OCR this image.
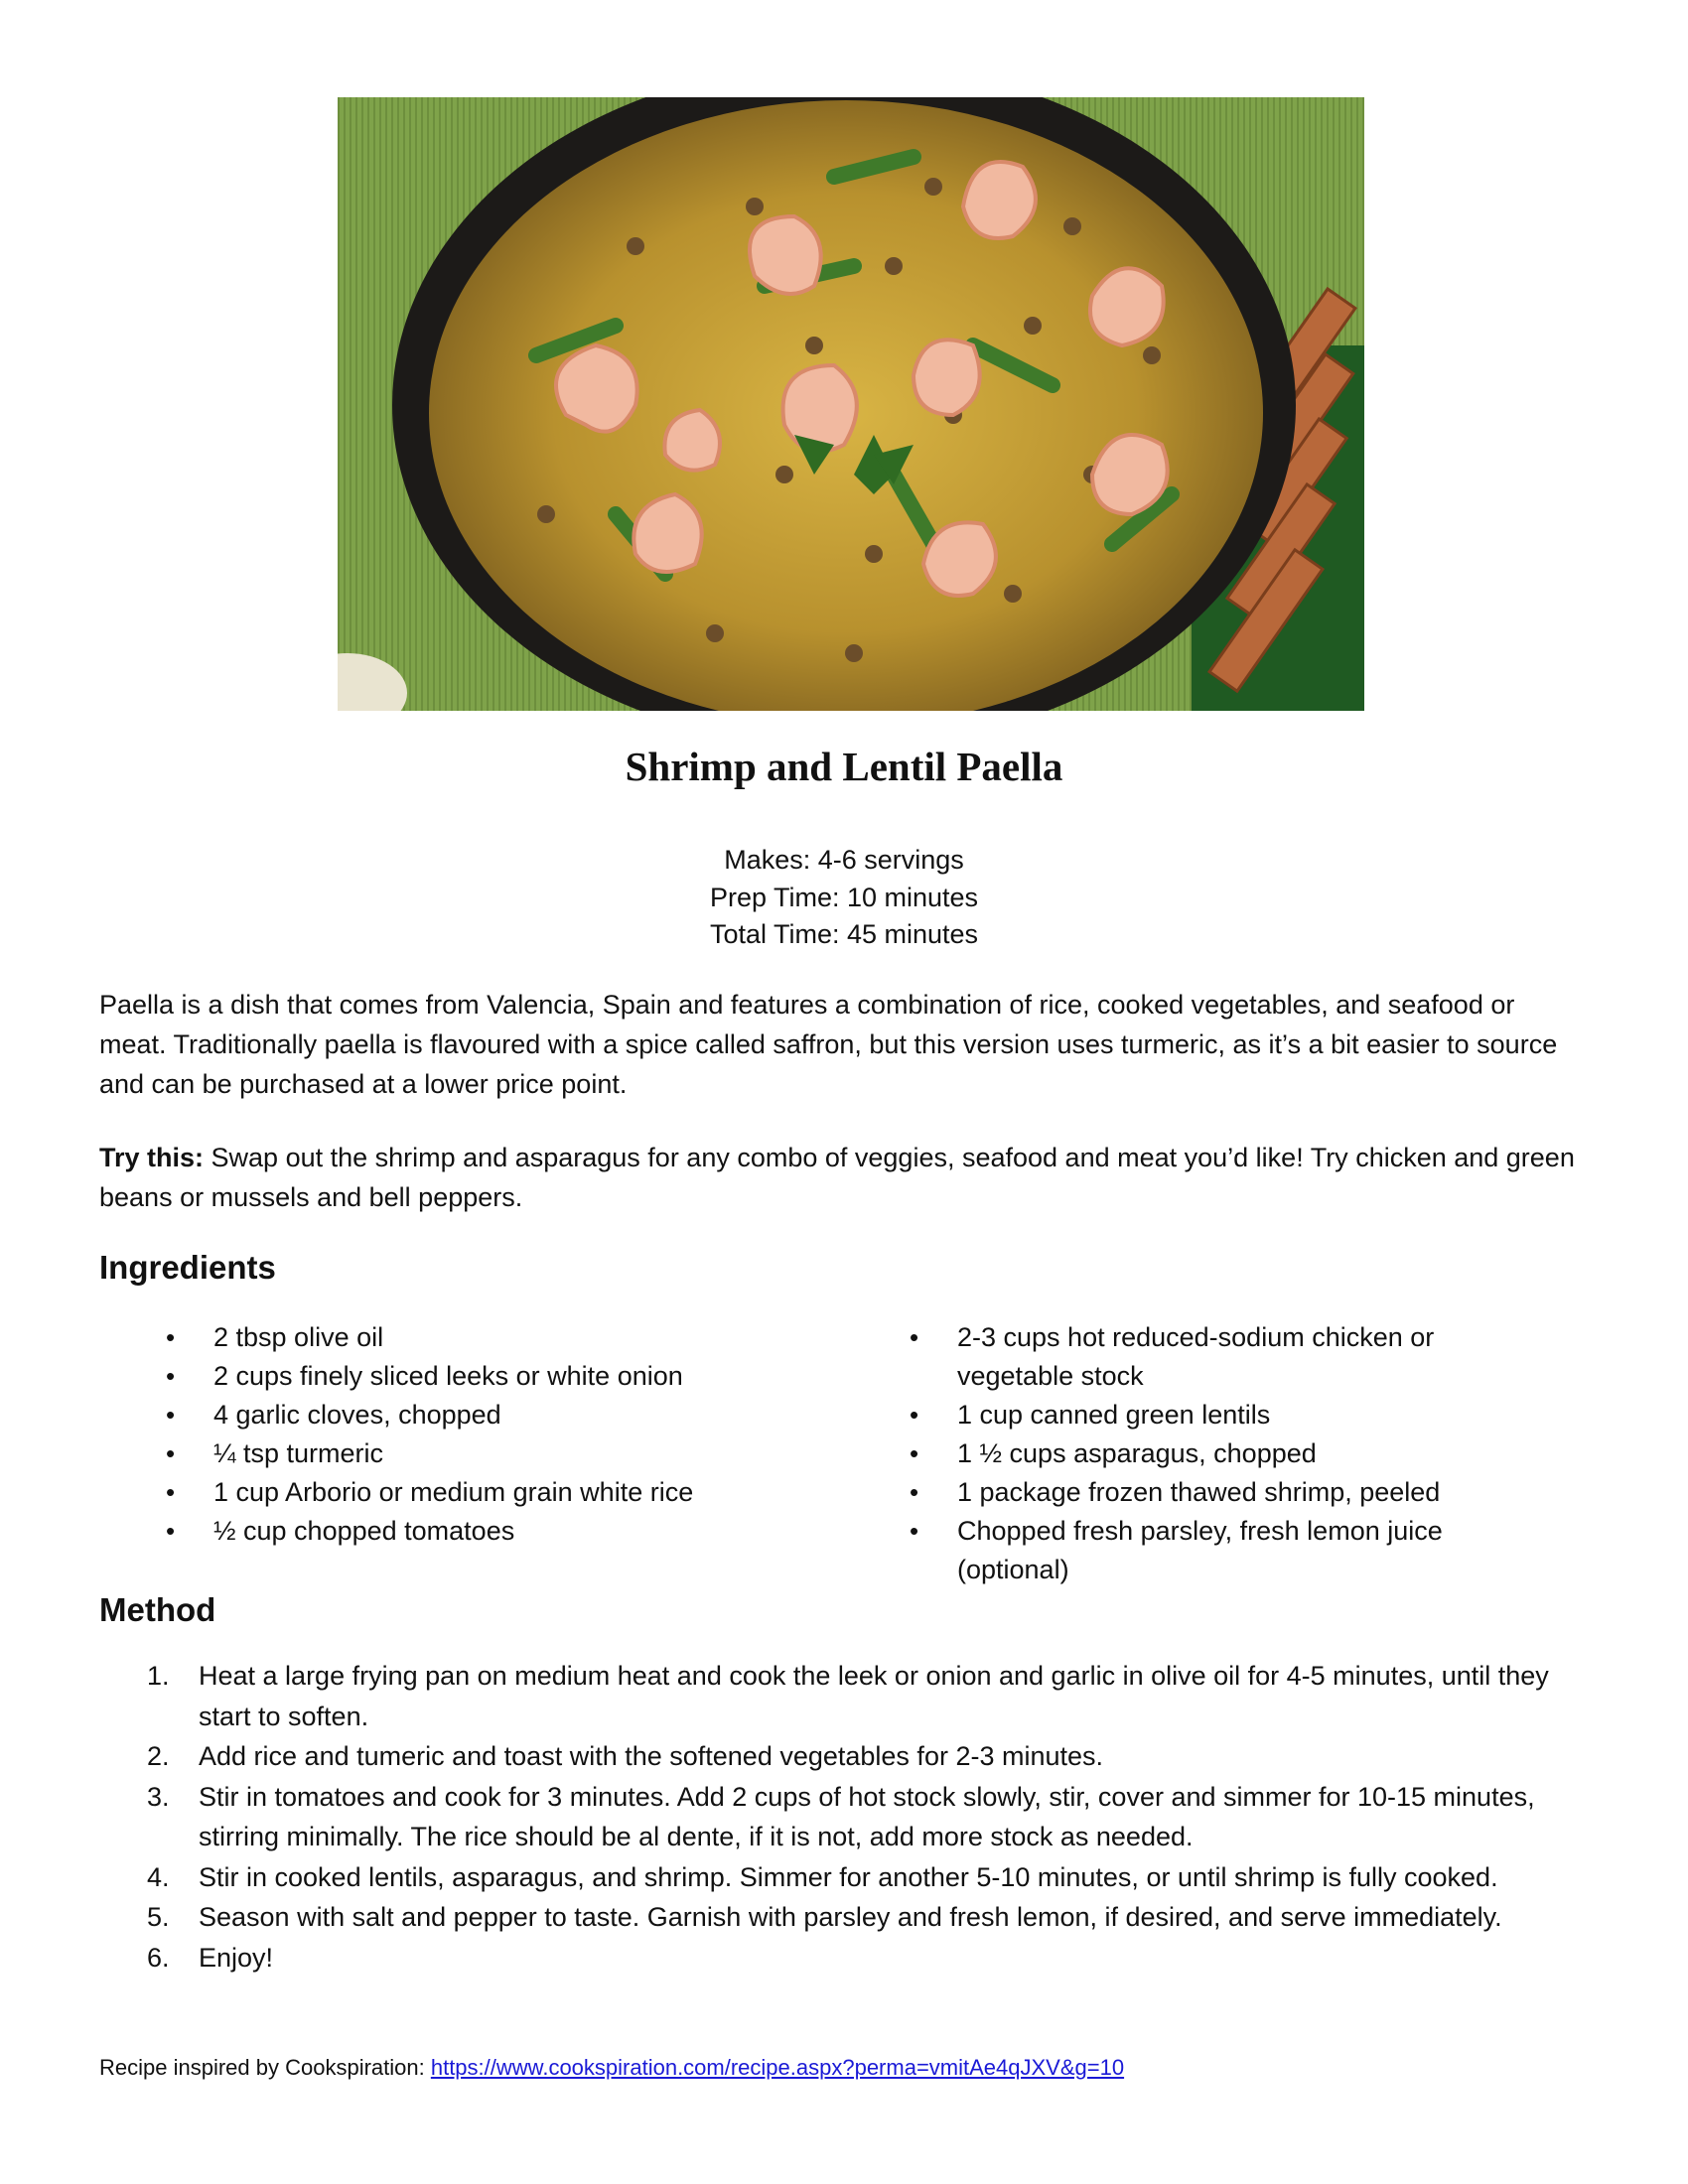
Shrimp and Lentil Paella
Makes: 4-6 servings
Prep Time: 10 minutes
Total Time: 45 minutes
Paella is a dish that comes from Valencia, Spain and features a combination of rice, cooked vegetables, and seafood or meat. Traditionally paella is flavoured with a spice called saffron, but this version uses turmeric, as it’s a bit easier to source and can be purchased at a lower price point.
Try this: Swap out the shrimp and asparagus for any combo of veggies, seafood and meat you’d like! Try chicken and green beans or mussels and bell peppers.
Ingredients
• 2 tbsp olive oil
• 2 cups finely sliced leeks or white onion
• 4 garlic cloves, chopped
• ¼ tsp turmeric
• 1 cup Arborio or medium grain white rice
• ½ cup chopped tomatoes
• 2-3 cups hot reduced-sodium chicken or vegetable stock
• 1 cup canned green lentils
• 1 ½ cups asparagus, chopped
• 1 package frozen thawed shrimp, peeled
• Chopped fresh parsley, fresh lemon juice (optional)
Method
1. Heat a large frying pan on medium heat and cook the leek or onion and garlic in olive oil for 4-5 minutes, until they start to soften.
2. Add rice and tumeric and toast with the softened vegetables for 2-3 minutes.
3. Stir in tomatoes and cook for 3 minutes. Add 2 cups of hot stock slowly, stir, cover and simmer for 10-15 minutes, stirring minimally. The rice should be al dente, if it is not, add more stock as needed.
4. Stir in cooked lentils, asparagus, and shrimp. Simmer for another 5-10 minutes, or until shrimp is fully cooked.
5. Season with salt and pepper to taste. Garnish with parsley and fresh lemon, if desired, and serve immediately.
6. Enjoy!
Recipe inspired by Cookspiration: https://www.cookspiration.com/recipe.aspx?perma=vmitAe4qJXV&g=10
